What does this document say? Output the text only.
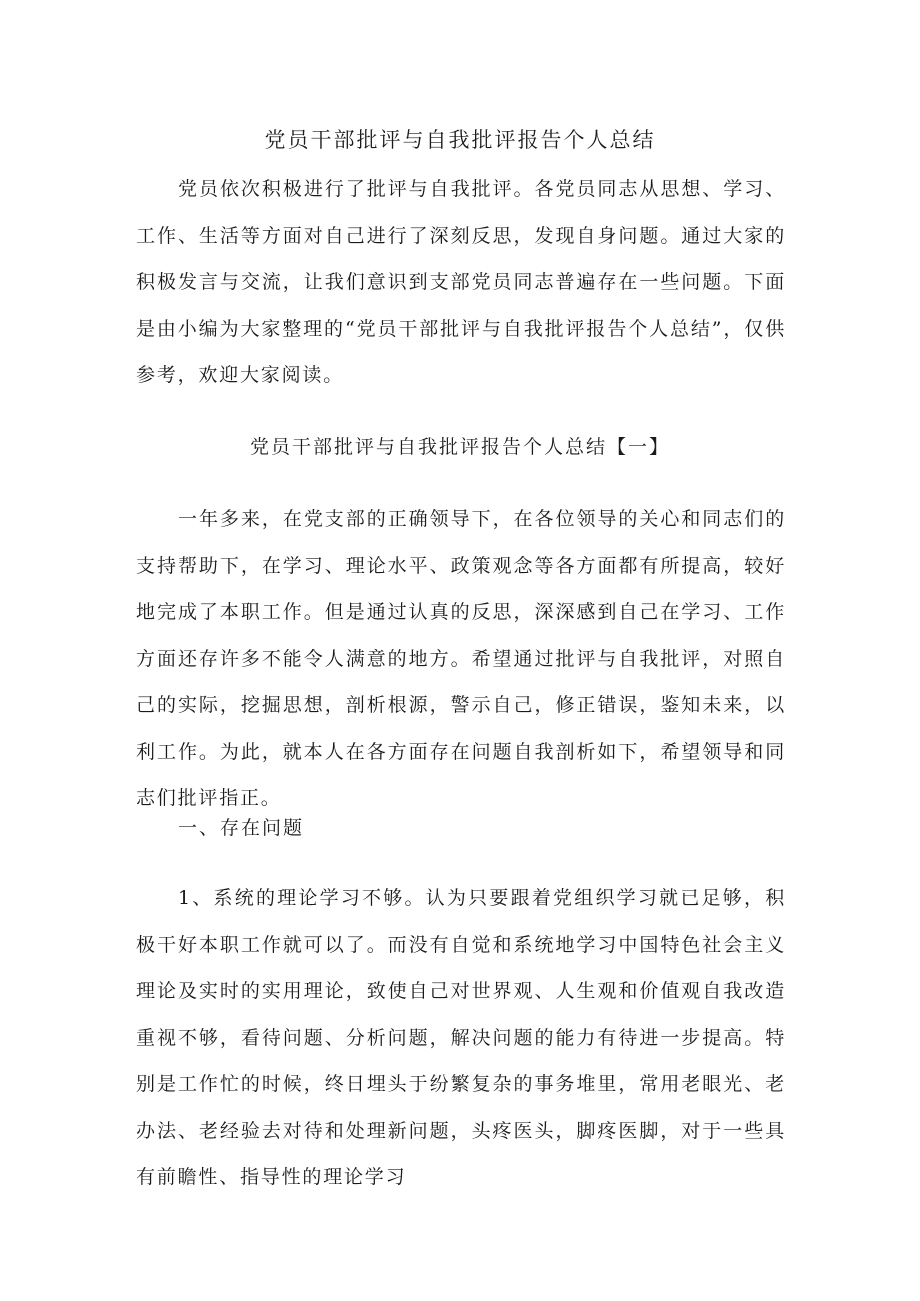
党员干部批评与自我批评报告个人总结

党员依次积极进行了批评与自我批评。各党员同志从思想、学习、工作、生活等方面对自己进行了深刻反思，发现自身问题。通过大家的积极发言与交流，让我们意识到支部党员同志普遍存在一些问题。下面是由小编为大家整理的“党员干部批评与自我批评报告个人总结”，仅供参考，欢迎大家阅读。

党员干部批评与自我批评报告个人总结【一】

一年多来，在党支部的正确领导下，在各位领导的关心和同志们的支持帮助下，在学习、理论水平、政策观念等各方面都有所提高，较好地完成了本职工作。但是通过认真的反思，深深感到自己在学习、工作方面还存许多不能令人满意的地方。希望通过批评与自我批评，对照自己的实际，挖掘思想，剖析根源，警示自己，修正错误，鉴知未来，以利工作。为此，就本人在各方面存在问题自我剖析如下，希望领导和同志们批评指正。

一、存在问题

1、系统的理论学习不够。认为只要跟着党组织学习就已足够，积极干好本职工作就可以了。而没有自觉和系统地学习中国特色社会主义理论及实时的实用理论，致使自己对世界观、人生观和价值观自我改造重视不够，看待问题、分析问题，解决问题的能力有待进一步提高。特别是工作忙的时候，终日埋头于纷繁复杂的事务堆里，常用老眼光、老办法、老经验去对待和处理新问题，头疼医头，脚疼医脚，对于一些具有前瞻性、指导性的理论学习
